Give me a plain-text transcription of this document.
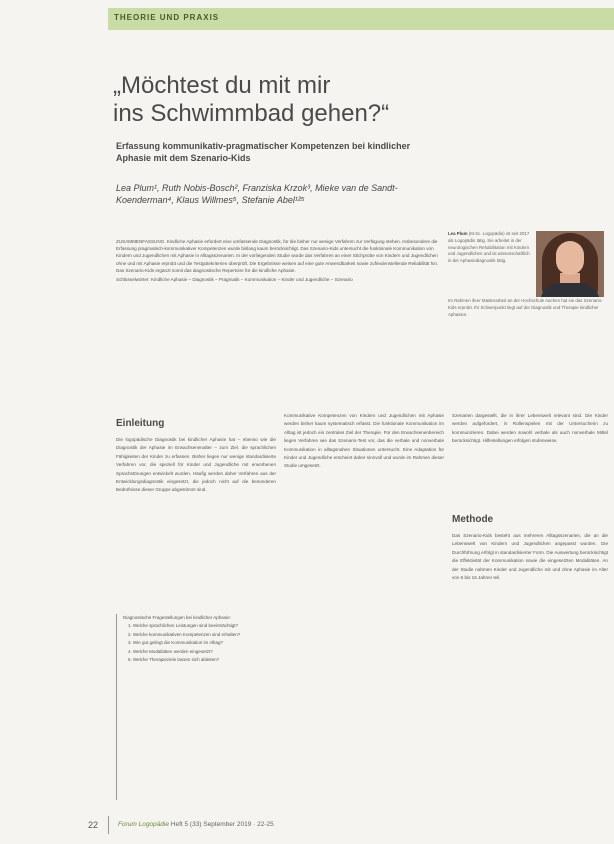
THEORIE UND PRAXIS
„Möchtest du mit mir
ins Schwimmbad gehen?“
Erfassung kommunikativ-pragmatischer Kompetenzen bei kindlicher Aphasie mit dem Szenario-Kids
Lea Plum¹, Ruth Nobis-Bosch², Franziska Krzok³, Mieke van de Sandt-Koenderman⁴, Klaus Willmes⁵, Stefanie Abel¹²⁵
Lea Plum (M.Sc. Logopädie) ist seit 2017 als Logopädin tätig. Sie arbeitet in der neurologischen Rehabilitation mit Kindern und Jugendlichen und ist wissenschaftlich in der Aphasiediagnostik tätig.
Im Rahmen ihrer Masterarbeit an der Hochschule Aachen hat sie das Szenario-Kids erprobt. Ihr Schwerpunkt liegt auf der Diagnostik und Therapie kindlicher Aphasien.
ZUSAMMENFASSUNG. Kindliche Aphasie erfordert eine umfassende Diagnostik, für die bisher nur wenige Verfahren zur Verfügung stehen. Insbesondere die Erfassung pragmatisch-kommunikativer Kompetenzen wurde bislang kaum berücksichtigt. Das Szenario-Kids untersucht die funktionale Kommunikation von Kindern und Jugendlichen mit Aphasie in Alltagsszenarien. In der vorliegenden Studie wurde das Verfahren an einer Stichprobe von Kindern und Jugendlichen ohne und mit Aphasie erprobt und die Testgütekriterien überprüft. Die Ergebnisse weisen auf eine gute Anwendbarkeit sowie zufriedenstellende Reliabilität hin. Das Szenario-Kids ergänzt somit das diagnostische Repertoire für die kindliche Aphasie.
Schlüsselwörter: Kindliche Aphasie – Diagnostik – Pragmatik – Kommunikation – Kinder und Jugendliche – Szenario
Einleitung
Die logopädische Diagnostik bei kindlicher Aphasie hat – ebenso wie die Diagnostik der Aphasie im Erwachsenenalter – zum Ziel, die sprachlichen Fähigkeiten der Kinder zu erfassen. Bisher liegen nur wenige standardisierte Verfahren vor, die speziell für Kinder und Jugendliche mit erworbenen Sprachstörungen entwickelt wurden. Häufig werden daher Verfahren aus der Entwicklungsdiagnostik eingesetzt, die jedoch nicht auf die besonderen Bedürfnisse dieser Gruppe abgestimmt sind.
Diagnostische Fragestellungen bei kindlicher Aphasie:
1. Welche sprachlichen Leistungen sind beeinträchtigt?
2. Welche kommunikativen Kompetenzen sind erhalten?
3. Wie gut gelingt die Kommunikation im Alltag?
4. Welche Modalitäten werden eingesetzt?
5. Welche Therapieziele lassen sich ableiten?
Kommunikative Kompetenzen von Kindern und Jugendlichen mit Aphasie werden bisher kaum systematisch erfasst. Die funktionale Kommunikation im Alltag ist jedoch ein zentrales Ziel der Therapie. Für den Erwachsenenbereich liegen Verfahren wie das Szenario-Test vor, das die verbale und nonverbale Kommunikation in alltagsnahen Situationen untersucht. Eine Adaptation für Kinder und Jugendliche erscheint daher sinnvoll und wurde im Rahmen dieser Studie umgesetzt.
Szenarien dargestellt, die in ihrer Lebenswelt relevant sind. Die Kinder werden aufgefordert, in Rollenspielen mit der Untersucherin zu kommunizieren. Dabei werden sowohl verbale als auch nonverbale Mittel berücksichtigt. Hilfestellungen erfolgen stufenweise.
Methode
Das Szenario-Kids besteht aus mehreren Alltagsszenarien, die an die Lebenswelt von Kindern und Jugendlichen angepasst wurden. Die Durchführung erfolgt in standardisierter Form. Die Auswertung berücksichtigt die Effektivität der Kommunikation sowie die eingesetzten Modalitäten. An der Studie nahmen Kinder und Jugendliche mit und ohne Aphasie im Alter von 6 bis 16 Jahren teil.
22	Forum Logopädie Heft 5 (33) September 2019 · 22-25
